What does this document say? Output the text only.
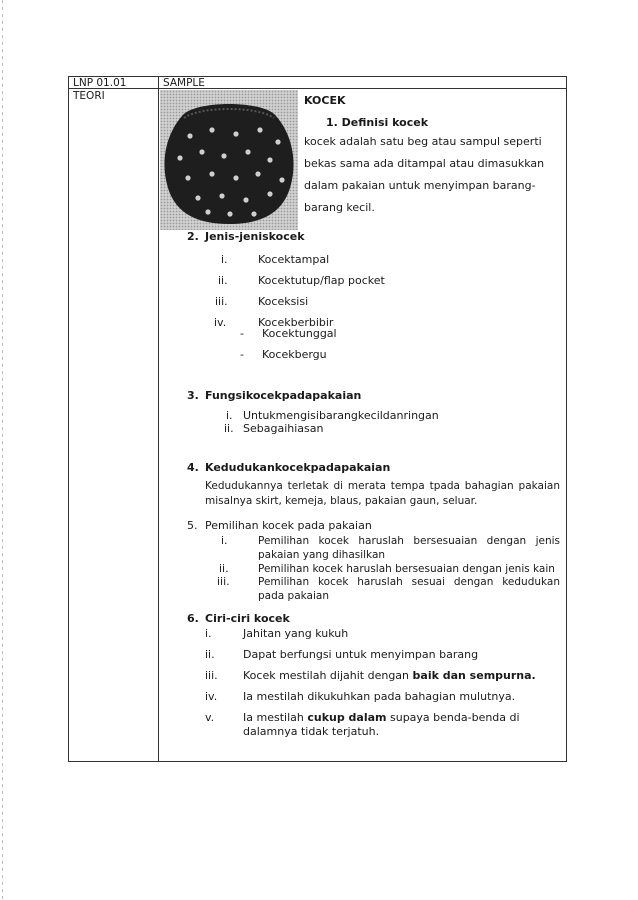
LNP 01.01	SAMPLE
TEORI	KOCEK
1. Definisi kocek
kocek adalah satu beg atau sampul seperti
bekas sama ada ditampal atau dimasukkan
dalam pakaian untuk menyimpan barang-
barang kecil.
2. Jenis-jeniskocek
i.	Kocektampal
ii.	Kocektutup/flap pocket
iii.	Koceksisi
iv.	Kocekberbibir
- Kocektunggal
- Kocekbergu
3. Fungsikocekpadapakaian
i. Untukmengisibarangkecildanringan
ii. Sebagaihiasan
4. Kedudukankocekpadapakaian
Kedudukannya terletak di merata tempa tpada bahagian pakaian misalnya skirt, kemeja, blaus, pakaian gaun, seluar.
5. Pemilihan kocek pada pakaian
i.	Pemilihan kocek haruslah bersesuaian dengan jenis pakaian yang dihasilkan
ii.	Pemilihan kocek haruslah bersesuaian dengan jenis kain
iii.	Pemilihan kocek haruslah sesuai dengan kedudukan pada pakaian
6. Ciri-ciri kocek
i.	Jahitan yang kukuh
ii.	Dapat berfungsi untuk menyimpan barang
iii. Kocek mestilah dijahit dengan baik dan sempurna.
iv. Ia mestilah dikukuhkan pada bahagian mulutnya.
v.	Ia mestilah cukup dalam supaya benda-benda di
dalamnya tidak terjatuh.
